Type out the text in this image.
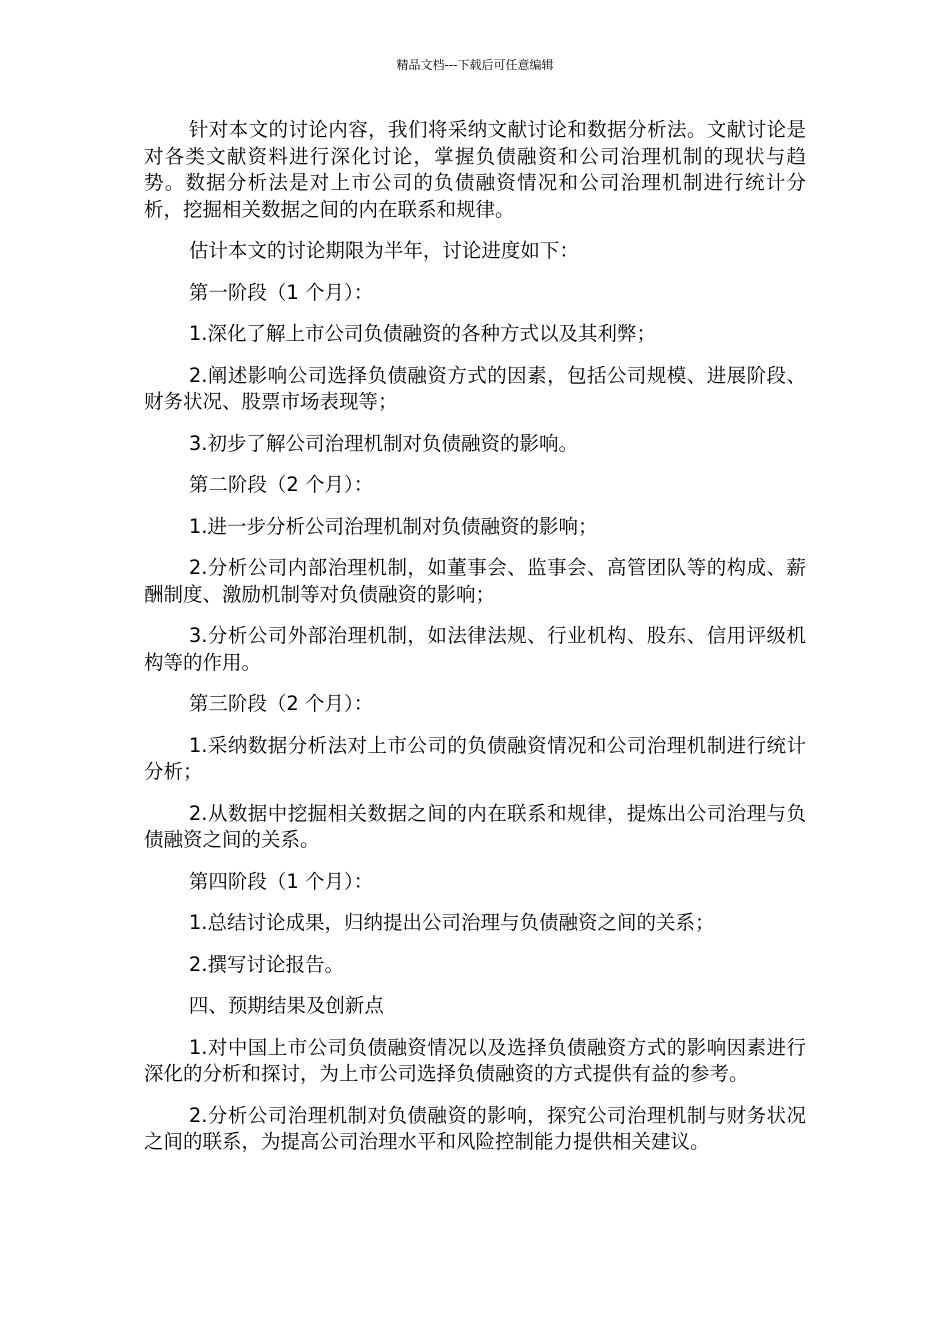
精品文档---下载后可任意编辑

针对本文的讨论内容，我们将采纳文献讨论和数据分析法。文献讨论是对各类文献资料进行深化讨论，掌握负债融资和公司治理机制的现状与趋势。数据分析法是对上市公司的负债融资情况和公司治理机制进行统计分析，挖掘相关数据之间的内在联系和规律。

估计本文的讨论期限为半年，讨论进度如下：

第一阶段（1 个月）：

1.深化了解上市公司负债融资的各种方式以及其利弊；

2.阐述影响公司选择负债融资方式的因素，包括公司规模、进展阶段、财务状况、股票市场表现等；

3.初步了解公司治理机制对负债融资的影响。

第二阶段（2 个月）：

1.进一步分析公司治理机制对负债融资的影响；

2.分析公司内部治理机制，如董事会、监事会、高管团队等的构成、薪酬制度、激励机制等对负债融资的影响；

3.分析公司外部治理机制，如法律法规、行业机构、股东、信用评级机构等的作用。

第三阶段（2 个月）：

1.采纳数据分析法对上市公司的负债融资情况和公司治理机制进行统计分析；

2.从数据中挖掘相关数据之间的内在联系和规律，提炼出公司治理与负债融资之间的关系。

第四阶段（1 个月）：

1.总结讨论成果，归纳提出公司治理与负债融资之间的关系；

2.撰写讨论报告。

四、预期结果及创新点

1.对中国上市公司负债融资情况以及选择负债融资方式的影响因素进行深化的分析和探讨，为上市公司选择负债融资的方式提供有益的参考。

2.分析公司治理机制对负债融资的影响，探究公司治理机制与财务状况之间的联系，为提高公司治理水平和风险控制能力提供相关建议。
